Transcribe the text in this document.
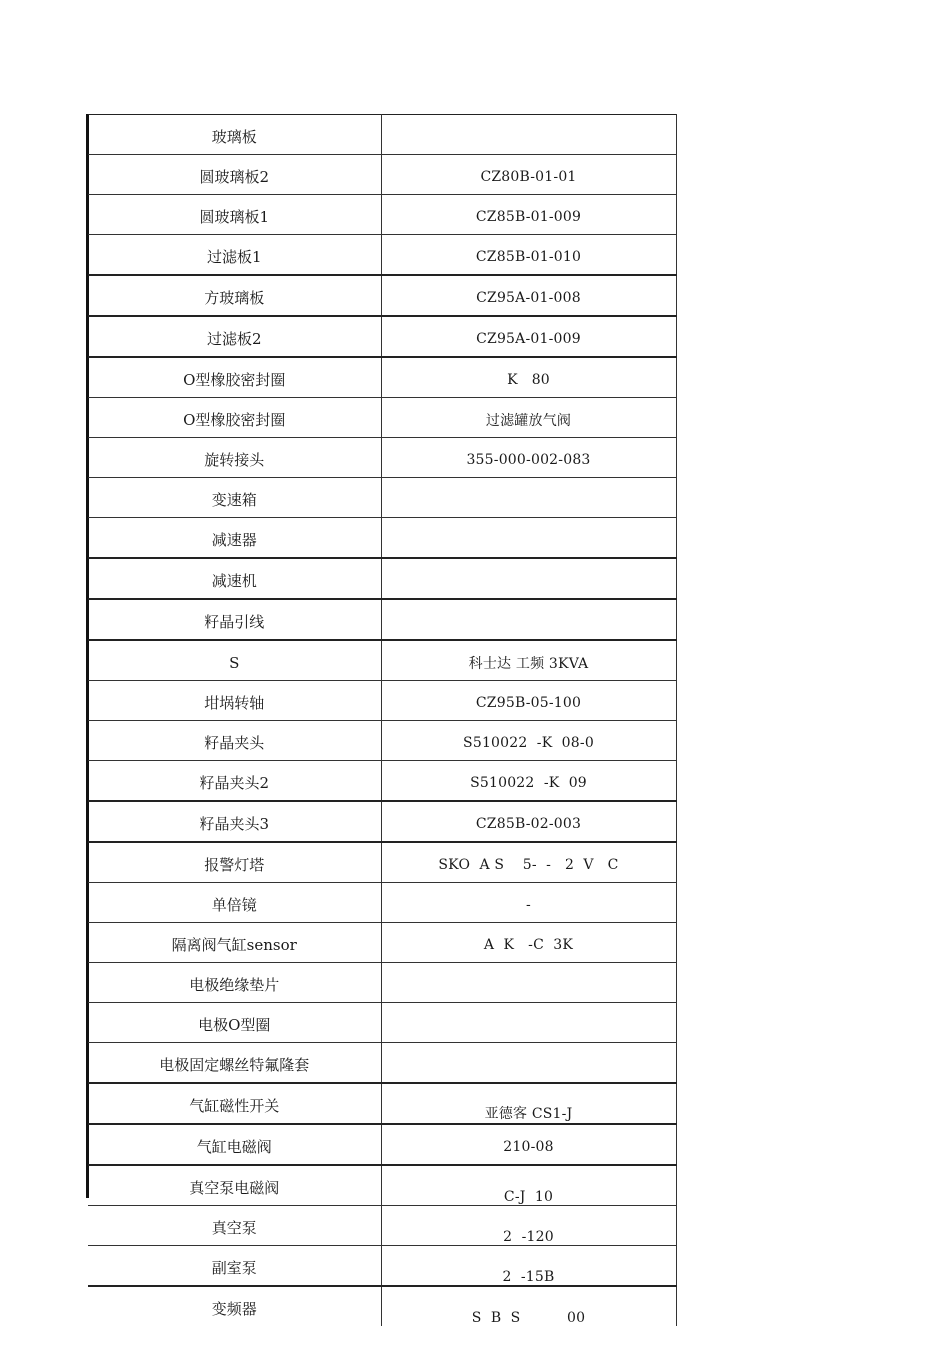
玻璃板	
圆玻璃板2	CZ80B-01-01
圆玻璃板1	CZ85B-01-009
过滤板1	CZ85B-01-010
方玻璃板	CZ95A-01-008
过滤板2	CZ95A-01-009
O型橡胶密封圈	K   80
O型橡胶密封圈	过滤罐放气阀
旋转接头	355-000-002-083
变速箱	
减速器	
减速机	
籽晶引线	
S	科士达 工频 3KVA
坩埚转轴	CZ95B-05-100
籽晶夹头	S510022  -K  08-0
籽晶夹头2	S510022  -K  09
籽晶夹头3	CZ85B-02-003
报警灯塔	SKO  A S    5-  -   2  V   C
单倍镜	-
隔离阀气缸sensor	A  K   -C  3K
电极绝缘垫片	
电极O型圈	
电极固定螺丝特氟隆套	
气缸磁性开关	亚德客 CS1-J
气缸电磁阀	210-08
真空泵电磁阀	C-J  10
真空泵	2  -120
副室泵	2  -15B
变频器	S  B  S          00
